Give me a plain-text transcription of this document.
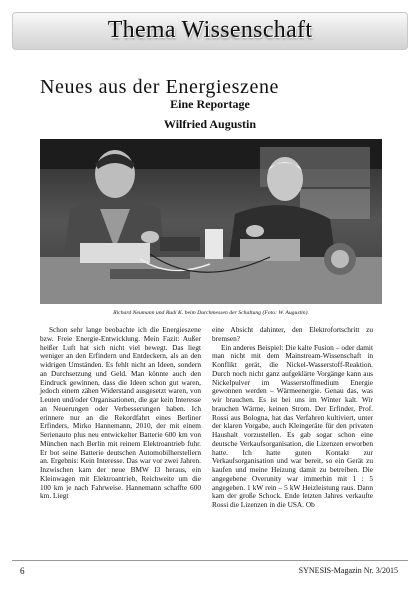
Thema Wissenschaft
Neues aus der Energieszene
Eine Reportage
Wilfried Augustin
Richard Neumann und Rudi K. beim Durchmessen der Schaltung (Foto: W. Augustin).

Schon sehr lange beobachte ich die Energieszene bzw. Freie Energie-Entwicklung. Mein Fazit: Außer heißer Luft hat sich nicht viel bewegt. Das liegt weniger an den Erfindern und Entdeckern, als an den widrigen Umständen. Es fehlt nicht an Ideen, sondern an Durchsetzung und Geld. Man könnte auch den Eindruck gewinnen, dass die Ideen schon gut waren, jedoch einem zähen Widerstand ausgesetzt waren, von Leuten und/oder Organisationen, die gar kein Interesse an Neuerungen oder Verbesserungen haben. Ich erinnere nur an die Rekordfahrt eines Berliner Erfinders, Mirko Hannemann, 2010, der mit einem Serienauto plus neu entwickelter Batterie 600 km von München nach Berlin mit reinem Elektroantrieb fuhr. Er bot seine Batterie deutschen Automobilherstellern an. Ergebnis: Kein Interesse. Das war vor zwei Jahren. Inzwischen kam der neue BMW I3 heraus, ein Kleinwagen mit Elektroantrieb, Reichweite um die 100 km je nach Fahrweise. Hannemann schaffte 600 km. Liegt

eine Absicht dahinter, den Elektrofortschritt zu bremsen?

Ein anderes Beispiel: Die kalte Fusion – oder damit man nicht mit dem Mainstream-Wissenschaft in Konflikt gerät, die Nickel-Wasserstoff-Reaktion. Durch noch nicht ganz aufgeklärte Vorgänge kann aus Nickelpulver im Wasserstoffmedium Energie gewonnen werden – Wärmeenergie. Genau das, was wir brauchen. Es ist bei uns im Winter kalt. Wir brauchen Wärme, keinen Strom. Der Erfinder, Prof. Rossi aus Bologna, hat das Verfahren kultiviert, unter der klaren Vorgabe, auch Kleingeräte für den privaten Haushalt vorzustellen. Es gab sogar schon eine deutsche Verkaufsorganisation, die Lizenzen erworben hatte. Ich hatte guten Kontakt zur Verkaufsorganisation und war bereit, so ein Gerät zu kaufen und meine Heizung damit zu betreiben. Die angegebene Overunity war immerhin mit 1 : 5 angegeben. 1 kW rein – 5 kW Heizleistung raus. Dann kam der große Schock. Ende letzten Jahres verkaufte Rossi die Lizenzen in die USA. Ob

6	SYNESIS-Magazin Nr. 3/2015
